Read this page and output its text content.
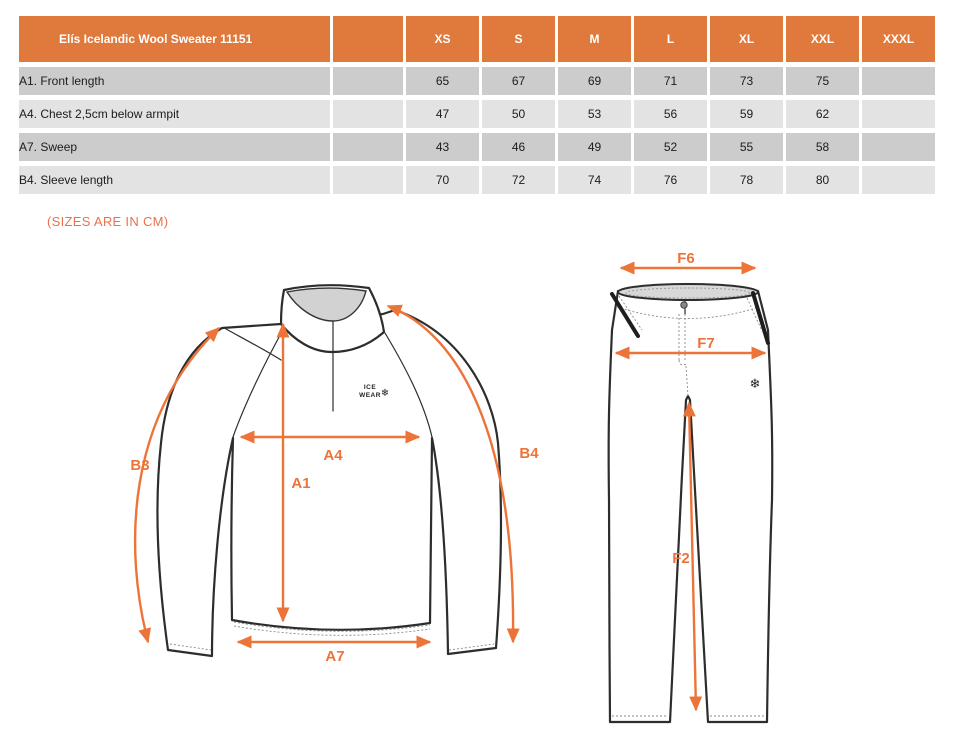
Elís Icelandic Wool Sweater 11151		XS	S	M	L	XL	XXL	XXXL
A1. Front length		65	67	69	71	73	75	
A4. Chest 2,5cm below armpit		47	50	53	56	59	62	
A7. Sweep		43	46	49	52	55	58	
B4. Sleeve length		70	72	74	76	78	80	
(SIZES ARE IN CM)
ICE
WEAR ❄
B3
A4
A1
B4
A7
❄
F6
F7
F2
